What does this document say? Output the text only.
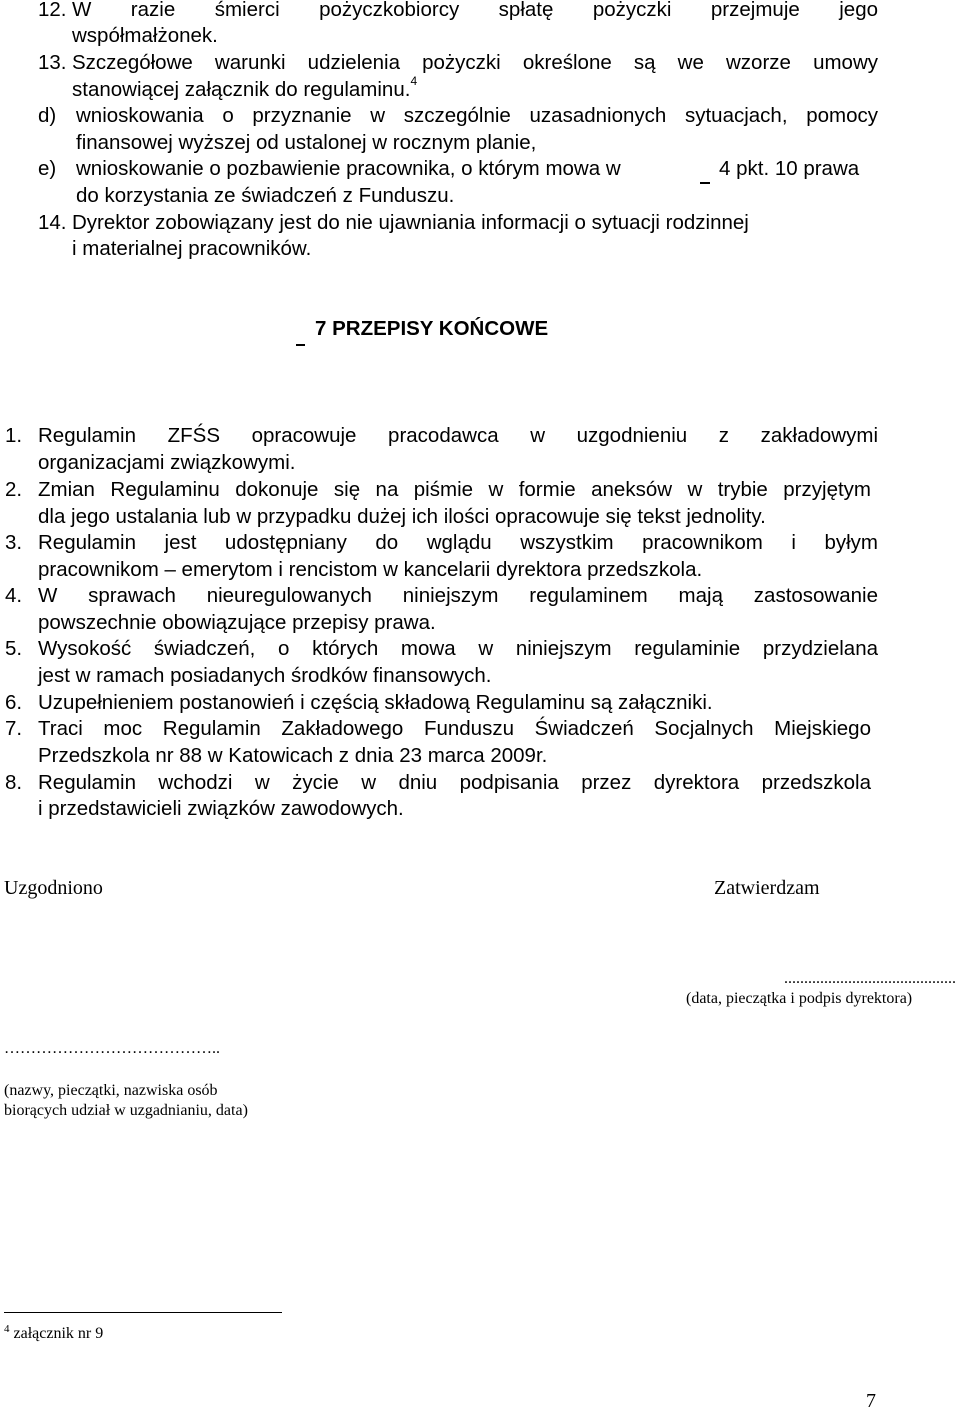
12. W razie śmierci pożyczkobiorcy spłatę pożyczki przejmuje jego
współmałżonek.
13. Szczegółowe warunki udzielenia pożyczki określone są we wzorze umowy
stanowiącej załącznik do regulaminu.$^4$
d) wnioskowania o przyznanie w szczególnie uzasadnionych sytuacjach, pomocy
finansowej wyższej od ustalonej w rocznym planie,
e) wnioskowanie o pozbawienie pracownika, o którym mowa w	4 pkt. 10 prawa
do korzystania ze świadczeń z Funduszu.
14. Dyrektor zobowiązany jest do nie ujawniania informacji o sytuacji rodzinnej
i materialnej pracowników.
7 PRZEPISY KOŃCOWE
1. Regulamin ZFŚS opracowuje pracodawca w uzgodnieniu z zakładowymi
organizacjami związkowymi.
2. Zmian Regulaminu dokonuje się na piśmie w formie aneksów w trybie przyjętym
dla jego ustalania lub w przypadku dużej ich ilości opracowuje się tekst jednolity.
3. Regulamin jest udostępniany do wglądu wszystkim pracownikom i byłym
pracownikom – emerytom i rencistom w kancelarii dyrektora przedszkola.
4. W sprawach nieuregulowanych niniejszym regulaminem mają zastosowanie
powszechnie obowiązujące przepisy prawa.
5. Wysokość świadczeń, o których mowa w niniejszym regulaminie przydzielana
jest w ramach posiadanych środków finansowych.
6. Uzupełnieniem postanowień i częścią składową Regulaminu są załączniki.
7. Traci moc Regulamin Zakładowego Funduszu Świadczeń Socjalnych Miejskiego
Przedszkola nr 88 w Katowicach z dnia 23 marca 2009r.
8. Regulamin wchodzi w życie w dniu podpisania przez dyrektora przedszkola
i przedstawicieli związków zawodowych.
Uzgodniono	Zatwierdzam
...........................................
(data, pieczątka i podpis dyrektora)
…………………………………..
(nazwy, pieczątki, nazwiska osób
biorących udział w uzgadnianiu, data)
$^4$ załącznik nr 9
7
